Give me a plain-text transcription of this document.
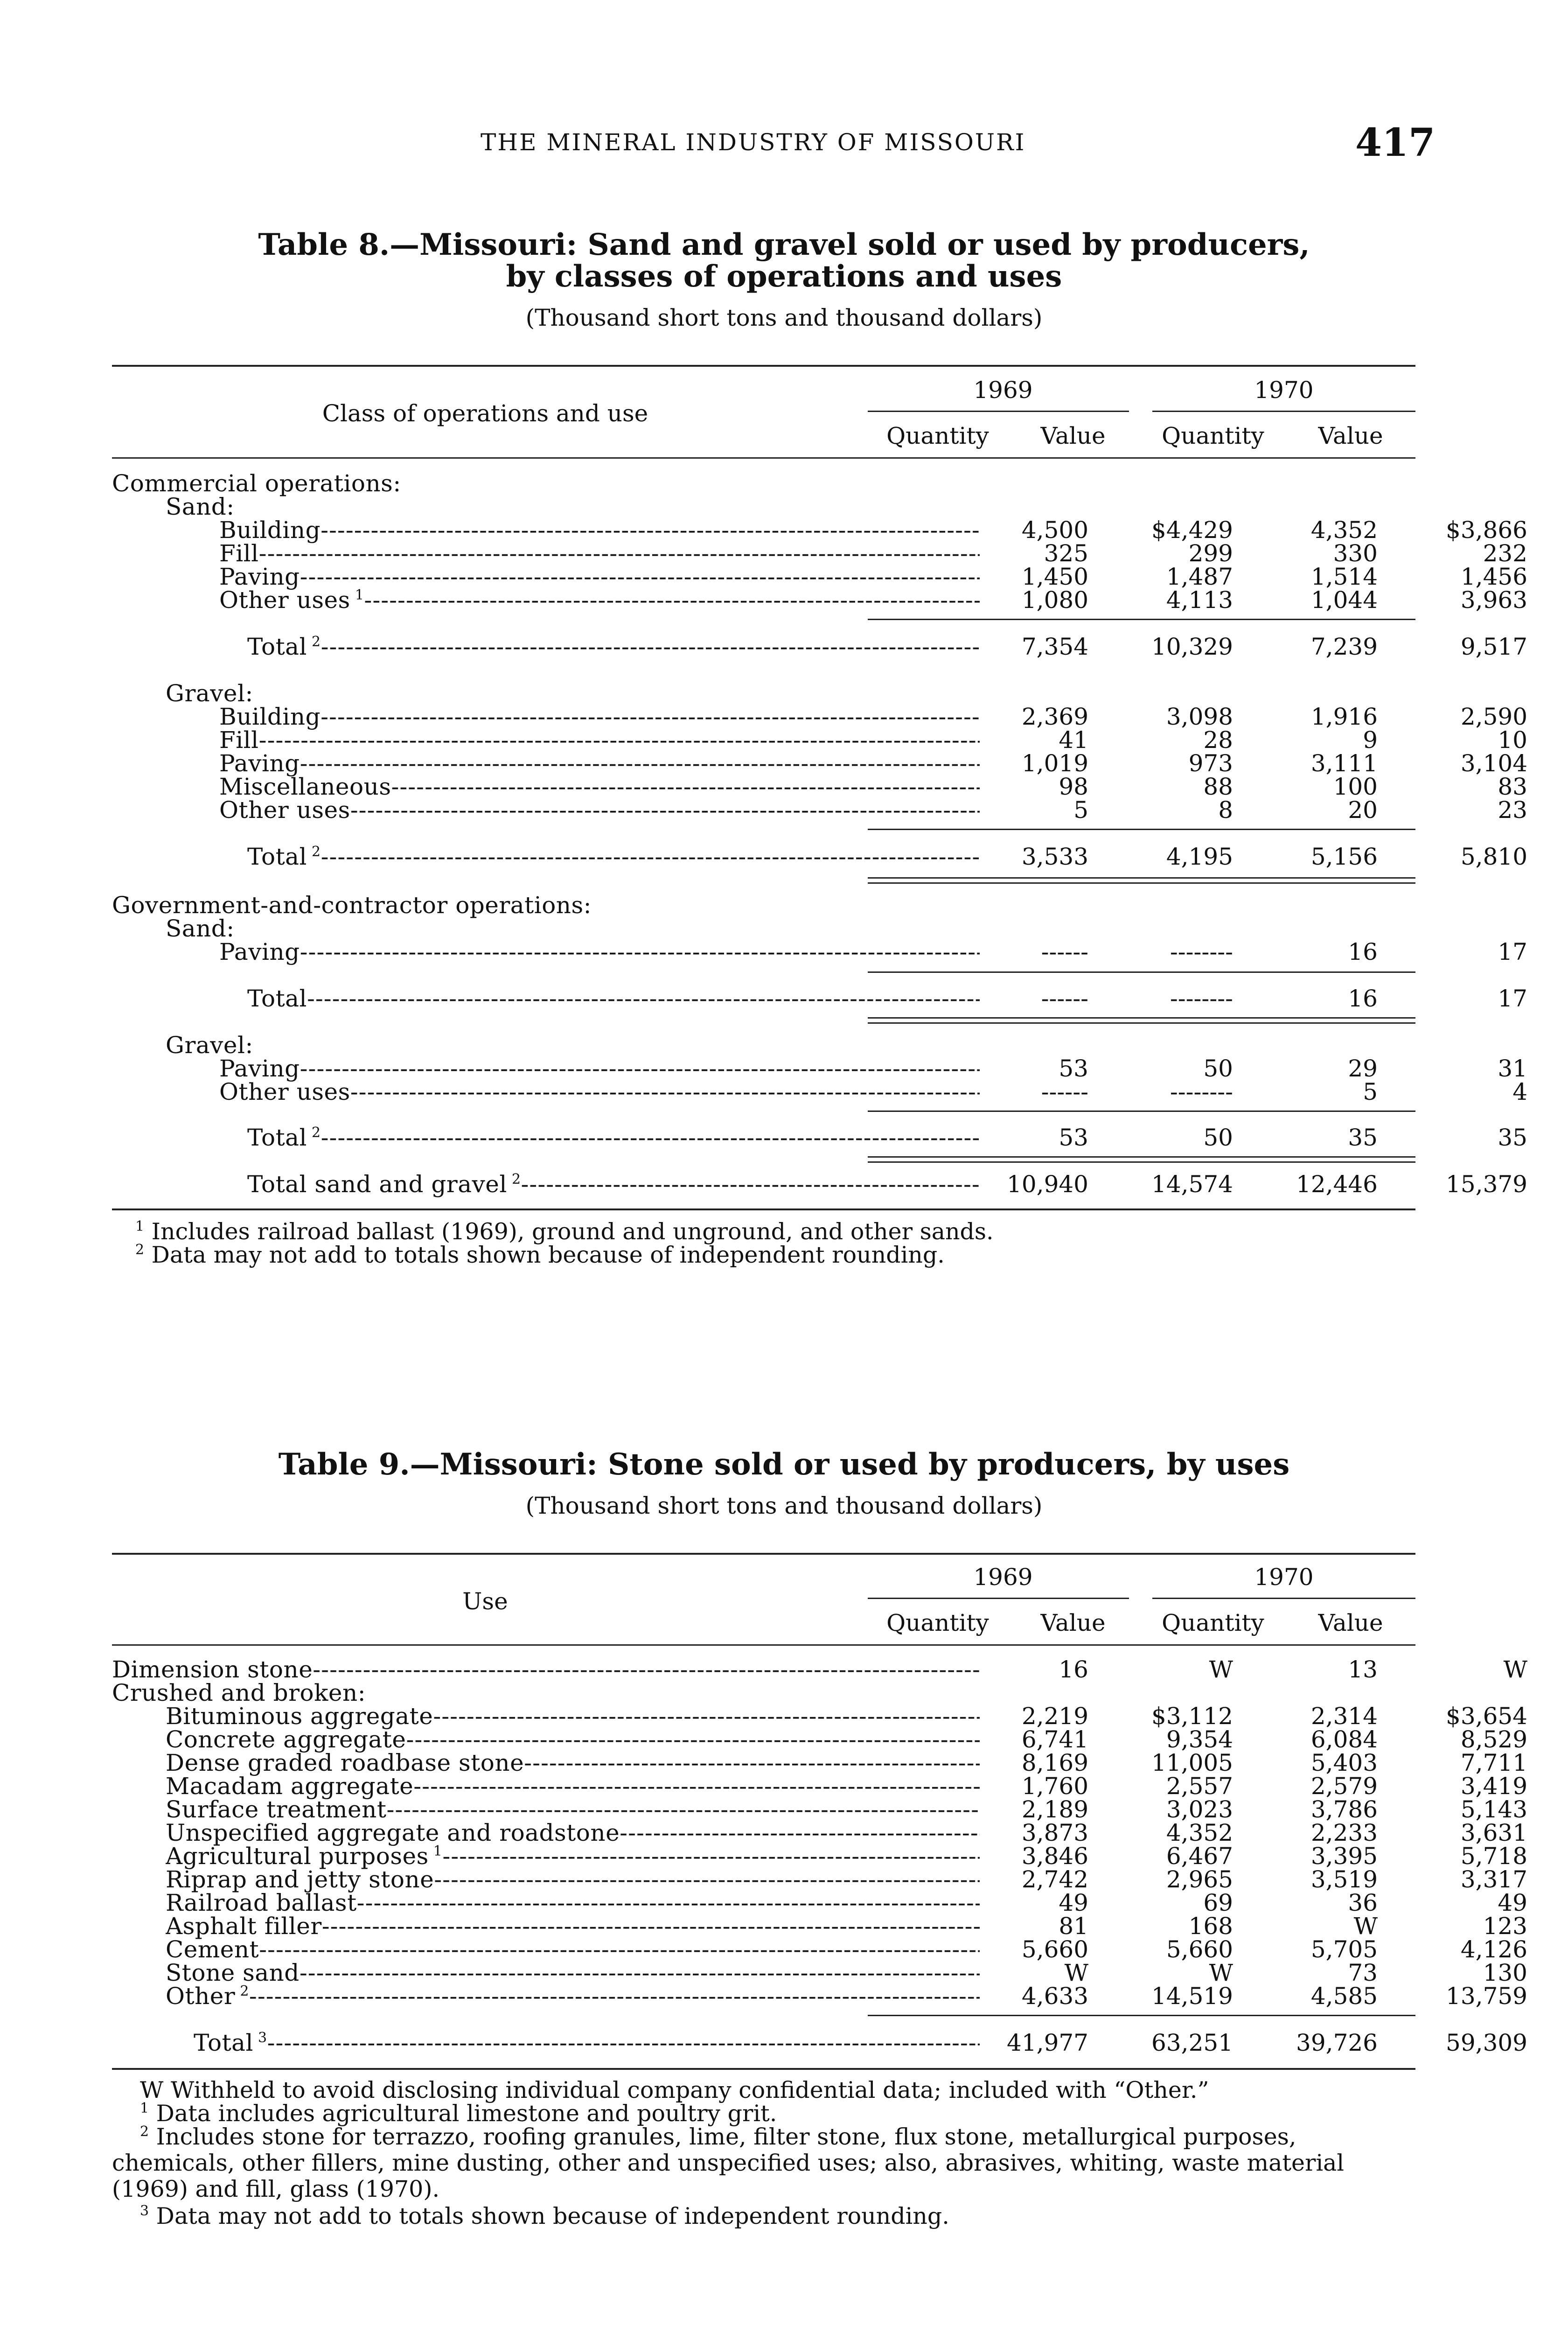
THE MINERAL INDUSTRY OF MISSOURI	417
Table 8.—Missouri: Sand and gravel sold or used by producers,
by classes of operations and uses
(Thousand short tons and thousand dollars)
Class of operations and use
1969	1970
Quantity	Value	Quantity	Value
Commercial operations:
Sand:
Building -----	4,500	$4,429	4,352	$3,866
Fill -----	325	299	330	232
Paving -----	1,450	1,487	1,514	1,456
Other uses $^1$ -----	1,080	4,113	1,044	3,963
Total $^2$ -----	7,354	10,329	7,239	9,517
Gravel:
Building -----	2,369	3,098	1,916	2,590
Fill -----	41	28	9	10
Paving -----	1,019	973	3,111	3,104
Miscellaneous -----	98	88	100	83
Other uses -----	5	8	20	23
Total $^2$ -----	3,533	4,195	5,156	5,810
Government-and-contractor operations:
Sand:
Paving -----	------	--------	16	17
Total -----	------	--------	16	17
Gravel:
Paving -----	53	50	29	31
Other uses -----	------	--------	5	4
Total $^2$ -----	53	50	35	35
Total sand and gravel $^2$ -----	10,940	14,574	12,446	15,379
$^1$ Includes railroad ballast (1969), ground and unground, and other sands.
$^2$ Data may not add to totals shown because of independent rounding.
Table 9.—Missouri: Stone sold or used by producers, by uses
(Thousand short tons and thousand dollars)
Use
1969	1970
Quantity	Value	Quantity	Value
Dimension stone -----	16	W	13	W
Crushed and broken:
Bituminous aggregate -----	2,219	$3,112	2,314	$3,654
Concrete aggregate -----	6,741	9,354	6,084	8,529
Dense graded roadbase stone -----	8,169	11,005	5,403	7,711
Macadam aggregate -----	1,760	2,557	2,579	3,419
Surface treatment -----	2,189	3,023	3,786	5,143
Unspecified aggregate and roadstone -----	3,873	4,352	2,233	3,631
Agricultural purposes $^1$ -----	3,846	6,467	3,395	5,718
Riprap and jetty stone -----	2,742	2,965	3,519	3,317
Railroad ballast -----	49	69	36	49
Asphalt filler -----	81	168	W	123
Cement -----	5,660	5,660	5,705	4,126
Stone sand -----	W	W	73	130
Other $^2$ -----	4,633	14,519	4,585	13,759
Total $^3$ -----	41,977	63,251	39,726	59,309
W Withheld to avoid disclosing individual company confidential data; included with “Other.”
$^1$ Data includes agricultural limestone and poultry grit.
$^2$ Includes stone for terrazzo, roofing granules, lime, filter stone, flux stone, metallurgical purposes, chemicals, other fillers, mine dusting, other and unspecified uses; also, abrasives, whiting, waste material (1969) and fill, glass (1970).
$^3$ Data may not add to totals shown because of independent rounding.
